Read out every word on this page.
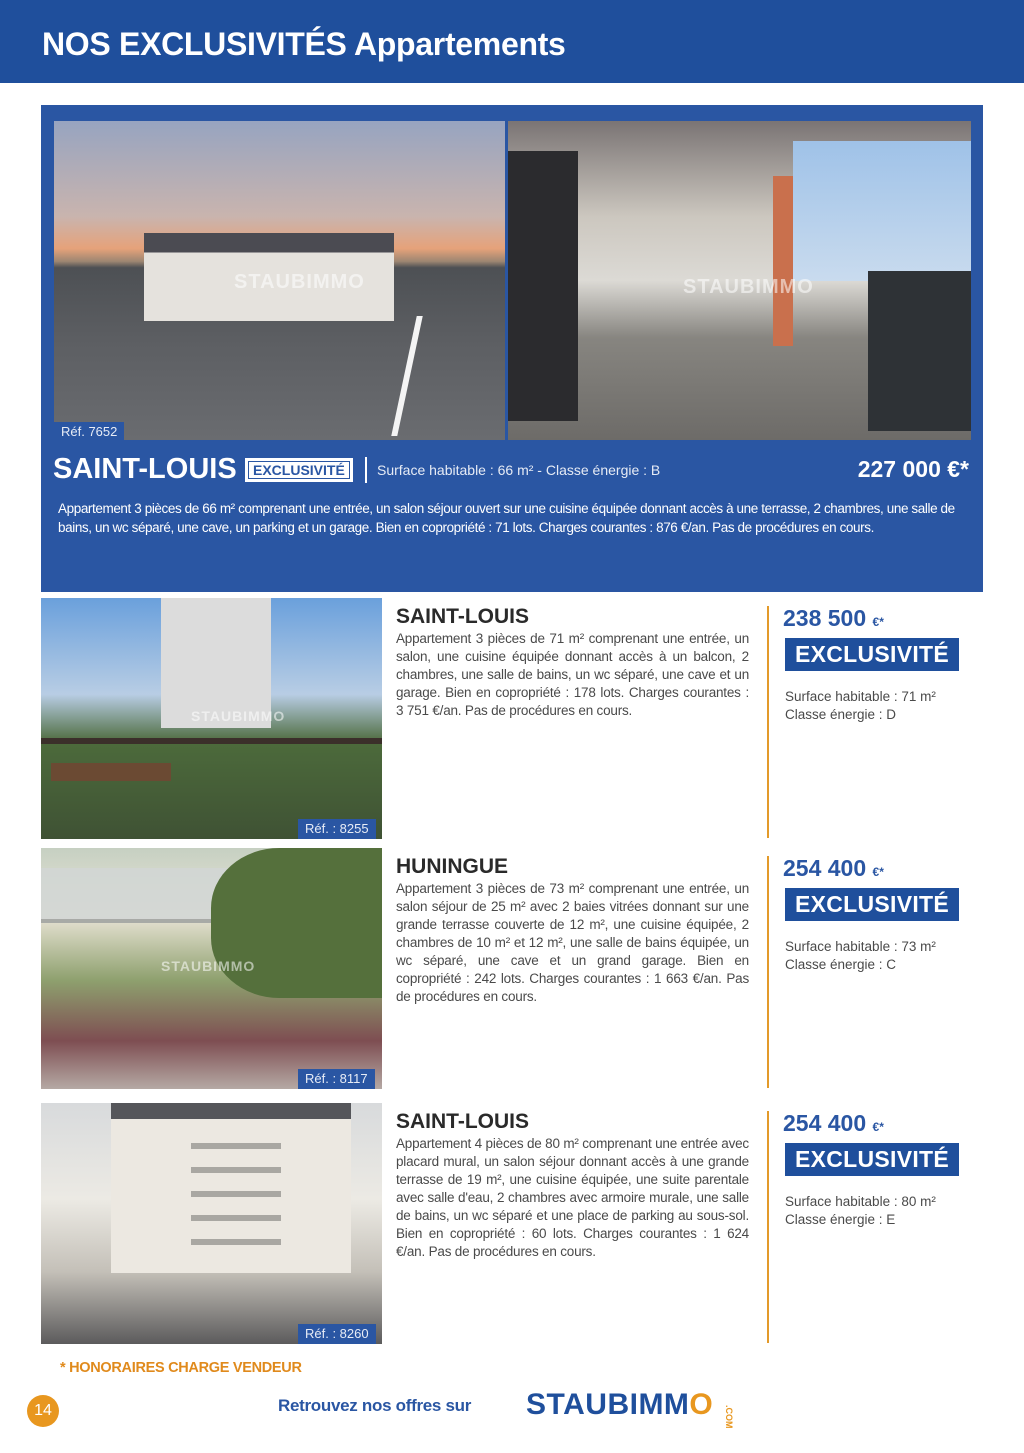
NOS EXCLUSIVITÉS Appartements
STAUBIMMO	STAUBIMMO
Réf. 7652
SAINT-LOUIS	EXCLUSIVITÉ	Surface habitable : 66 m² - Classe énergie : B	227 000 €*
Appartement 3 pièces de 66 m² comprenant une entrée, un salon séjour ouvert sur une cuisine équipée donnant accès à une terrasse, 2 chambres, une salle de bains, un wc séparé, une cave, un parking et un garage. Bien en copropriété : 71 lots. Charges courantes : 876 €/an. Pas de procédures en cours.
STAUBIMMO
Réf. : 8255
SAINT-LOUIS
Appartement 3 pièces de 71 m² comprenant une entrée, un salon, une cuisine équipée donnant accès à un balcon, 2 chambres, une salle de bains, un wc séparé, une cave et un garage. Bien en copropriété : 178 lots. Charges courantes : 3 751 €/an. Pas de procédures en cours.
238 500 €*
EXCLUSIVITÉ
Surface habitable : 71 m²
Classe énergie : D
STAUBIMMO
Réf. : 8117
HUNINGUE
Appartement 3 pièces de 73 m² comprenant une entrée, un salon séjour de 25 m² avec 2 baies vitrées donnant sur une grande terrasse couverte de 12 m², une cuisine équipée, 2 chambres de 10 m² et 12 m², une salle de bains équipée, un wc séparé, une cave et un grand garage. Bien en copropriété : 242 lots. Charges courantes : 1 663 €/an. Pas de procédures en cours.
254 400 €*
EXCLUSIVITÉ
Surface habitable : 73 m²
Classe énergie : C
Réf. : 8260
SAINT-LOUIS
Appartement 4 pièces de 80 m² comprenant une entrée avec placard mural, un salon séjour donnant accès à une grande terrasse de 19 m², une cuisine équipée, une suite parentale avec salle d'eau, 2 chambres avec armoire murale, une salle de bains, un wc séparé et une place de parking au sous-sol. Bien en copropriété : 60 lots. Charges courantes : 1 624 €/an. Pas de procédures en cours.
254 400 €*
EXCLUSIVITÉ
Surface habitable : 80 m²
Classe énergie : E
* HONORAIRES CHARGE VENDEUR
14	Retrouvez nos offres sur STAUBIMMO .COM
